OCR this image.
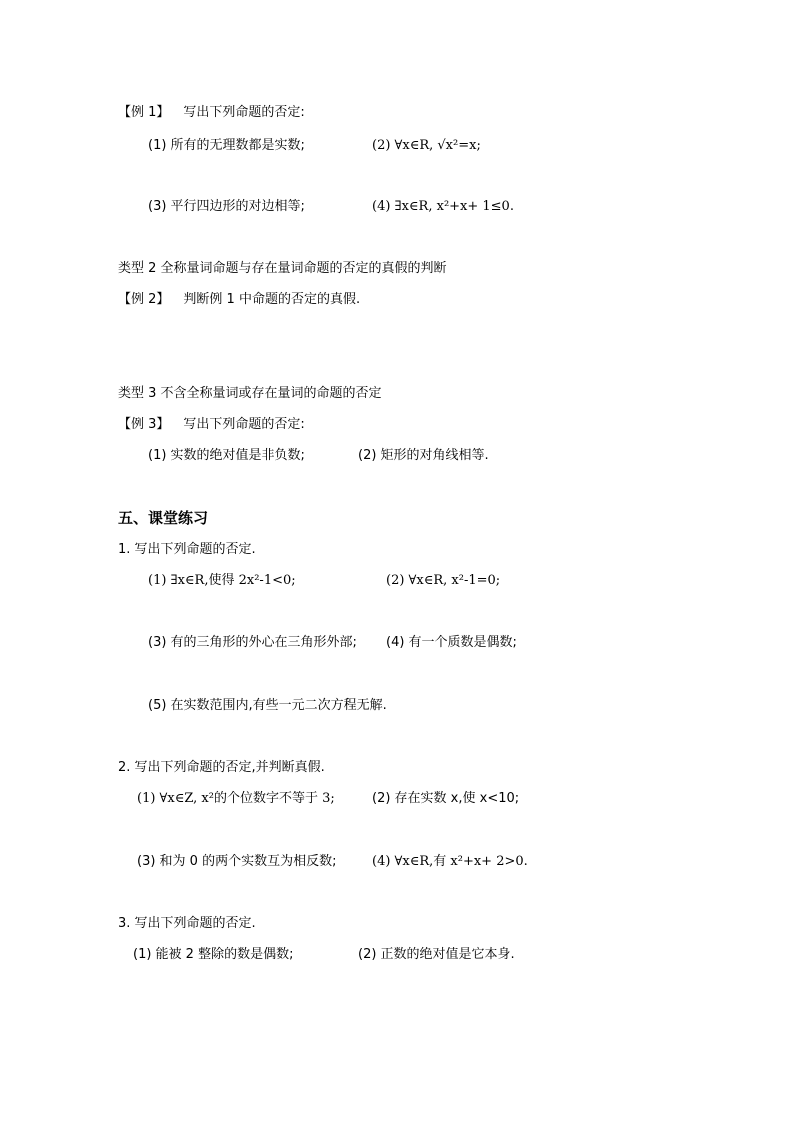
【例 1】 写出下列命题的否定:
(1) 所有的无理数都是实数;	(2) ∀x∈R, √x²=x;
(3) 平行四边形的对边相等;	(4) ∃x∈R, x²+x+ 1≤0.
类型 2 全称量词命题与存在量词命题的否定的真假的判断
【例 2】 判断例 1 中命题的否定的真假.
类型 3 不含全称量词或存在量词的命题的否定
【例 3】 写出下列命题的否定:
(1) 实数的绝对值是非负数;	(2) 矩形的对角线相等.
五、课堂练习
1. 写出下列命题的否定.
(1) ∃x∈R,使得 2x²-1<0;	(2) ∀x∈R, x²-1=0;
(3) 有的三角形的外心在三角形外部; (4) 有一个质数是偶数;
(5) 在实数范围内,有些一元二次方程无解.
2. 写出下列命题的否定,并判断真假.
(1) ∀x∈Z, x²的个位数字不等于 3;	(2) 存在实数 x,使 x<10;
(3) 和为 0 的两个实数互为相反数;	(4) ∀x∈R,有 x²+x+ 2>0.
3. 写出下列命题的否定.
(1) 能被 2 整除的数是偶数;	(2) 正数的绝对值是它本身.
